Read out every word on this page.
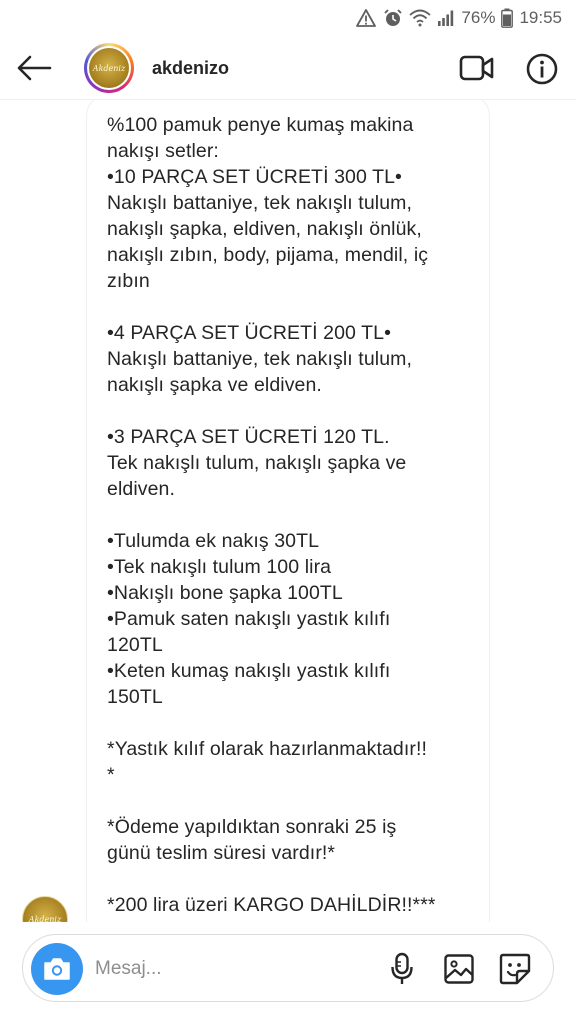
76% 19:55
Akdeniz akdenizo
%100 pamuk penye kumaş makina
nakışı setler:
•10 PARÇA SET ÜCRETİ 300 TL•
Nakışlı battaniye, tek nakışlı tulum,
nakışlı şapka, eldiven, nakışlı önlük,
nakışlı zıbın, body, pijama, mendil, iç
zıbın

•4 PARÇA SET ÜCRETİ 200 TL•
Nakışlı battaniye, tek nakışlı tulum,
nakışlı şapka ve eldiven.

•3 PARÇA SET ÜCRETİ 120 TL.
Tek nakışlı tulum, nakışlı şapka ve
eldiven.

•Tulumda ek nakış 30TL
•Tek nakışlı tulum 100 lira
•Nakışlı bone şapka 100TL
•Pamuk saten nakışlı yastık kılıfı
120TL
•Keten kumaş nakışlı yastık kılıfı
150TL

*Yastık kılıf olarak hazırlanmaktadır!!
*

*Ödeme yapıldıktan sonraki 25 iş
günü teslim süresi vardır!*

*200 lira üzeri KARGO DAHİLDİR!!***
Akdeniz
Mesaj...
